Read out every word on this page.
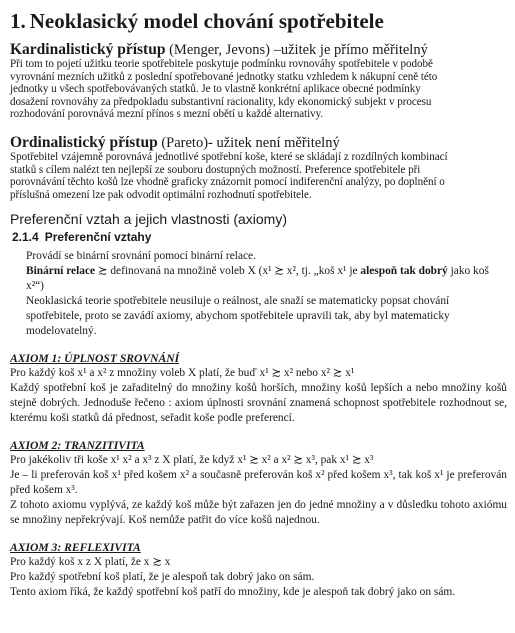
1. Neoklasický model chování spotřebitele

Kardinalistický přístup (Menger, Jevons) –užitek je přímo měřitelný

Při tom to pojetí užitku teorie spotřebitele poskytuje podmínku rovnováhy spotřebitele v podobě

vyrovnání mezních užitků z poslední spotřebované jednotky statku vzhledem k nákupní ceně této

jednotky u všech spotřebovávaných statků. Je to vlastně konkrétní aplikace obecné podmínky

dosažení rovnováhy za předpokladu substantivní racionality, kdy ekonomický subjekt v procesu

rozhodování porovnává mezní přínos s mezní obětí u každé alternativy.

Ordinalistický přístup (Pareto)- užitek není měřitelný

Spotřebitel vzájemně porovnává jednotlivé spotřební koše, které se skládají z rozdílných kombinací

statků s cílem nalézt ten nejlepší ze souboru dostupných možností. Preference spotřebitele při

porovnávání těchto košů lze vhodně graficky znázornit pomocí indiferenční analýzy, po doplnění o

příslušná omezení lze pak odvodit optimální rozhodnutí spotřebitele.

Preferenční vztah a jejich vlastnosti (axiomy)

2.1.4 Preferenční vztahy

Provádí se binární srovnání pomocí binární relace.

Binární relace ≿ definovaná na množině voleb X (x¹ ≿ x², tj. „koš x¹ je alespoň tak dobrý jako koš x²“)

Neoklasická teorie spotřebitele neusiluje o reálnost, ale snaží se matematicky popsat chování spotřebitele, proto se zavádí axiomy, abychom spotřebitele upravili tak, aby byl matematicky modelovatelný.

AXIOM 1: ÚPLNOST SROVNÁNÍ

Pro každý koš x¹ a x² z množiny voleb X platí, že buď x¹ ≿ x² nebo x² ≿ x¹

Každý spotřební koš je zařaditelný do množiny košů horších, množiny košů lepších a nebo množiny košů stejně dobrých. Jednoduše řečeno : axiom úplnosti srovnání znamená schopnost spotřebitele rozhodnout se, kterému koši statků dá přednost, seřadit koše podle preferencí.

AXIOM 2: TRANZITIVITA

Pro jakékoliv tři koše x¹ x² a x³ z X platí, že když x¹ ≿ x² a x² ≿ x³, pak x¹ ≿ x³

Je – li preferován koš x¹ před košem x² a současně preferován koš x² před košem x³, tak koš x¹ je preferován před košem x³.

Z tohoto axiomu vyplývá, ze každý koš může být zařazen jen do jedné množiny a v důsledku tohoto axiómu se množiny nepřekrývají. Koš nemůže patřit do více košů najednou.

AXIOM 3: REFLEXIVITA

Pro každý koš x z X platí, že x ≿ x

Pro každý spotřební koš platí, že je alespoň tak dobrý jako on sám.

Tento axiom říká, že každý spotřební koš patří do množiny, kde je alespoň tak dobrý jako on sám.
